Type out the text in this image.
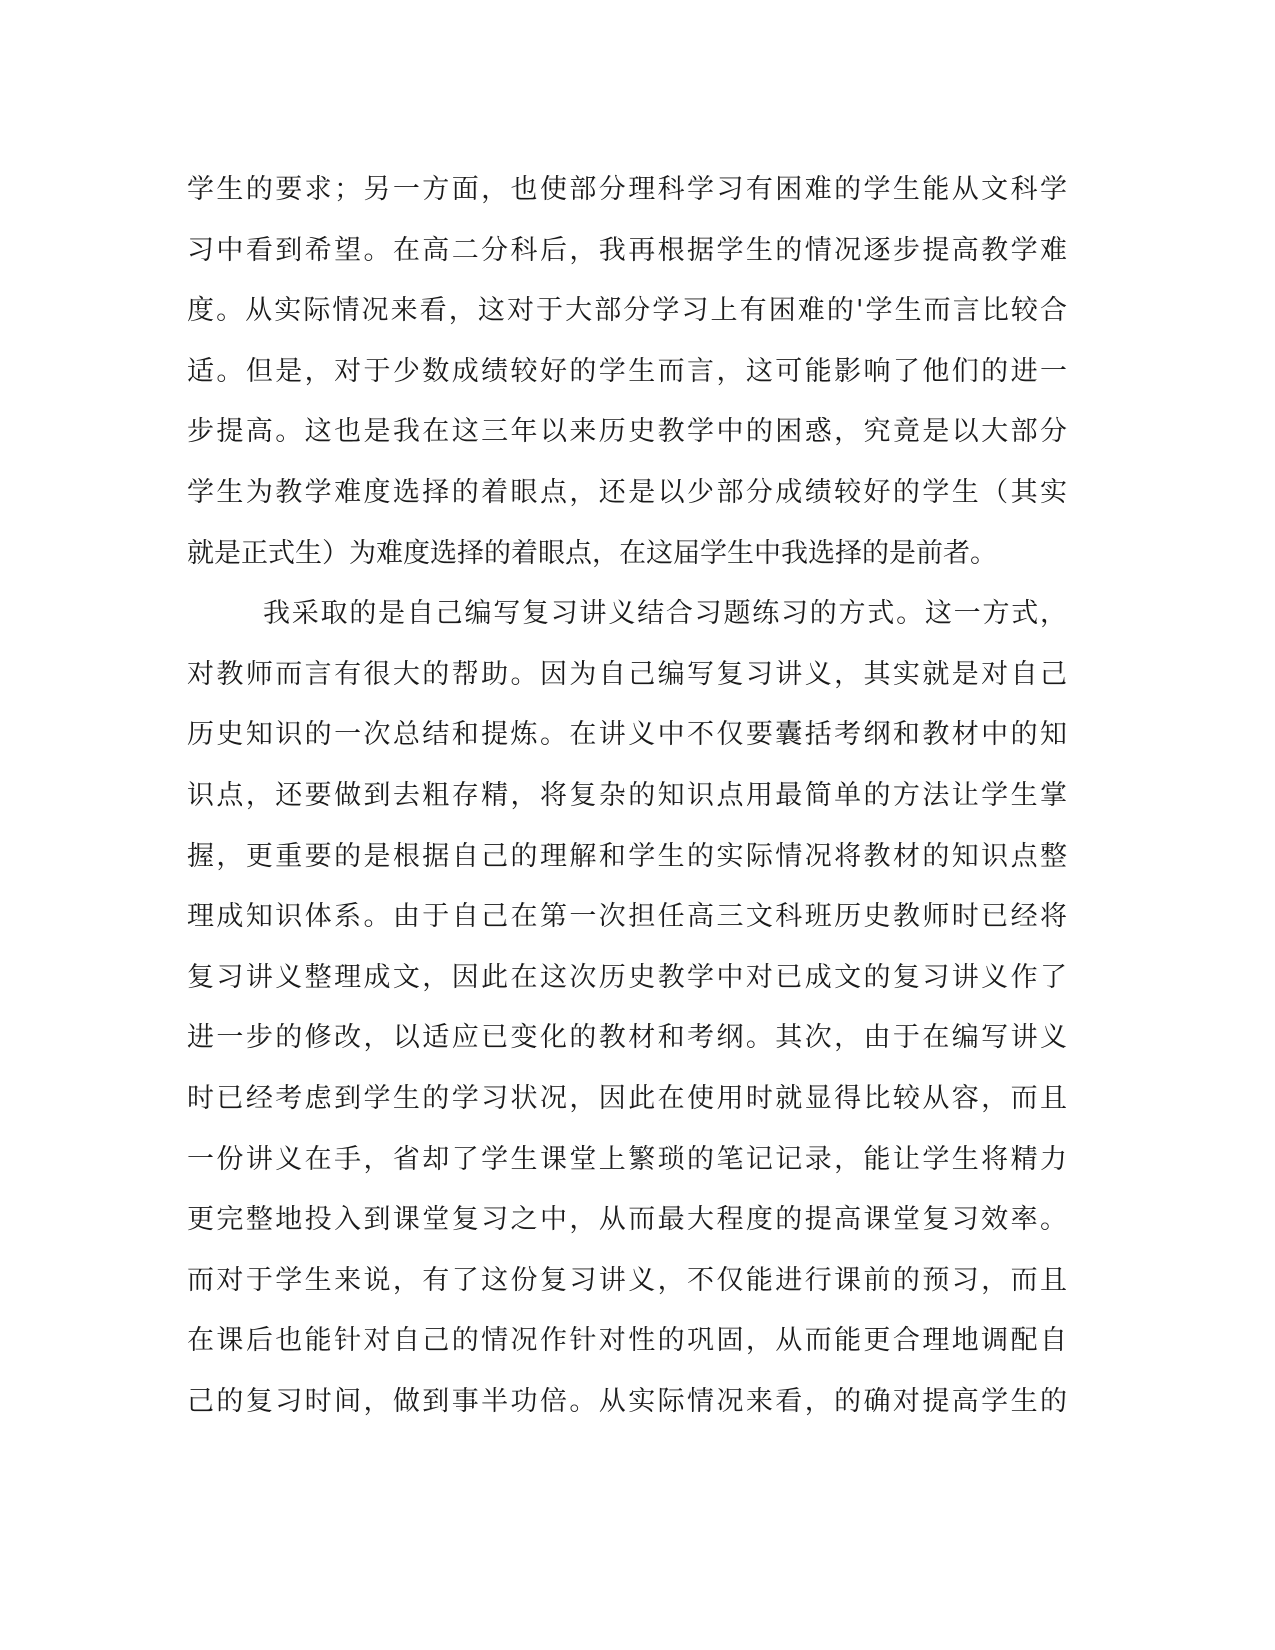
学生的要求；另一方面，也使部分理科学习有困难的学生能从文科学
习中看到希望。在高二分科后，我再根据学生的情况逐步提高教学难
度。从实际情况来看，这对于大部分学习上有困难的'学生而言比较合
适。但是，对于少数成绩较好的学生而言，这可能影响了他们的进一
步提高。这也是我在这三年以来历史教学中的困惑，究竟是以大部分
学生为教学难度选择的着眼点，还是以少部分成绩较好的学生（其实
就是正式生）为难度选择的着眼点，在这届学生中我选择的是前者。
我采取的是自己编写复习讲义结合习题练习的方式。这一方式，
对教师而言有很大的帮助。因为自己编写复习讲义，其实就是对自己
历史知识的一次总结和提炼。在讲义中不仅要囊括考纲和教材中的知
识点，还要做到去粗存精，将复杂的知识点用最简单的方法让学生掌
握，更重要的是根据自己的理解和学生的实际情况将教材的知识点整
理成知识体系。由于自己在第一次担任高三文科班历史教师时已经将
复习讲义整理成文，因此在这次历史教学中对已成文的复习讲义作了
进一步的修改，以适应已变化的教材和考纲。其次，由于在编写讲义
时已经考虑到学生的学习状况，因此在使用时就显得比较从容，而且
一份讲义在手，省却了学生课堂上繁琐的笔记记录，能让学生将精力
更完整地投入到课堂复习之中，从而最大程度的提高课堂复习效率。
而对于学生来说，有了这份复习讲义，不仅能进行课前的预习，而且
在课后也能针对自己的情况作针对性的巩固，从而能更合理地调配自
己的复习时间，做到事半功倍。从实际情况来看，的确对提高学生的
